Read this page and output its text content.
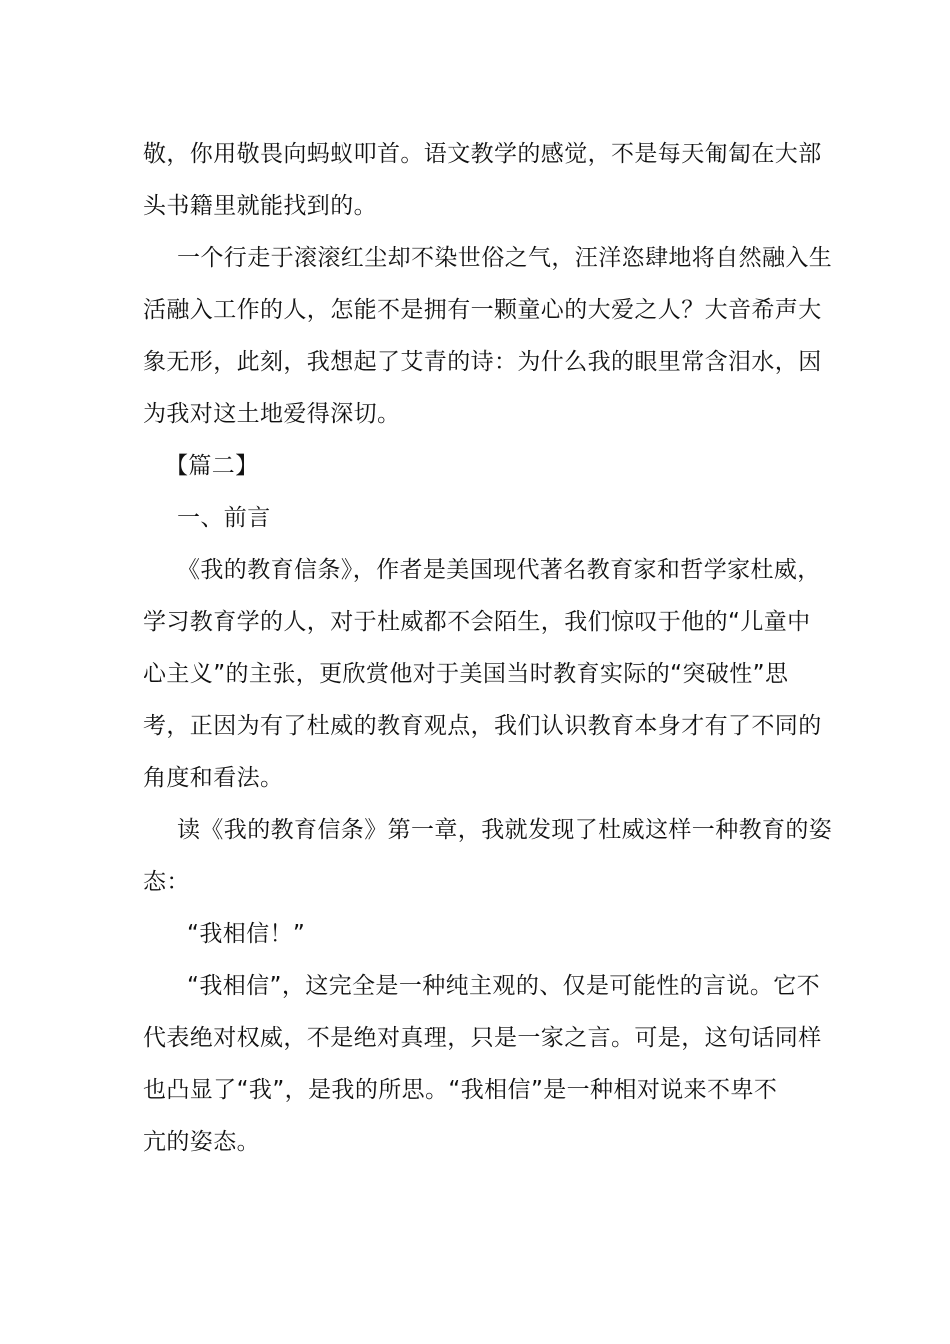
敬，你用敬畏向蚂蚁叩首。语文教学的感觉，不是每天匍匐在大部
头书籍里就能找到的。
一个行走于滚滚红尘却不染世俗之气，汪洋恣肆地将自然融入生
活融入工作的人，怎能不是拥有一颗童心的大爱之人？大音希声大
象无形，此刻，我想起了艾青的诗：为什么我的眼里常含泪水，因
为我对这土地爱得深切。
【篇二】
一、前言
《我的教育信条》，作者是美国现代著名教育家和哲学家杜威，
学习教育学的人，对于杜威都不会陌生，我们惊叹于他的“儿童中
心主义”的主张，更欣赏他对于美国当时教育实际的“突破性”思
考，正因为有了杜威的教育观点，我们认识教育本身才有了不同的
角度和看法。
读《我的教育信条》第一章，我就发现了杜威这样一种教育的姿
态：
“我相信！”
“我相信”，这完全是一种纯主观的、仅是可能性的言说。它不
代表绝对权威，不是绝对真理，只是一家之言。可是，这句话同样
也凸显了“我”，是我的所思。“我相信”是一种相对说来不卑不
亢的姿态。
